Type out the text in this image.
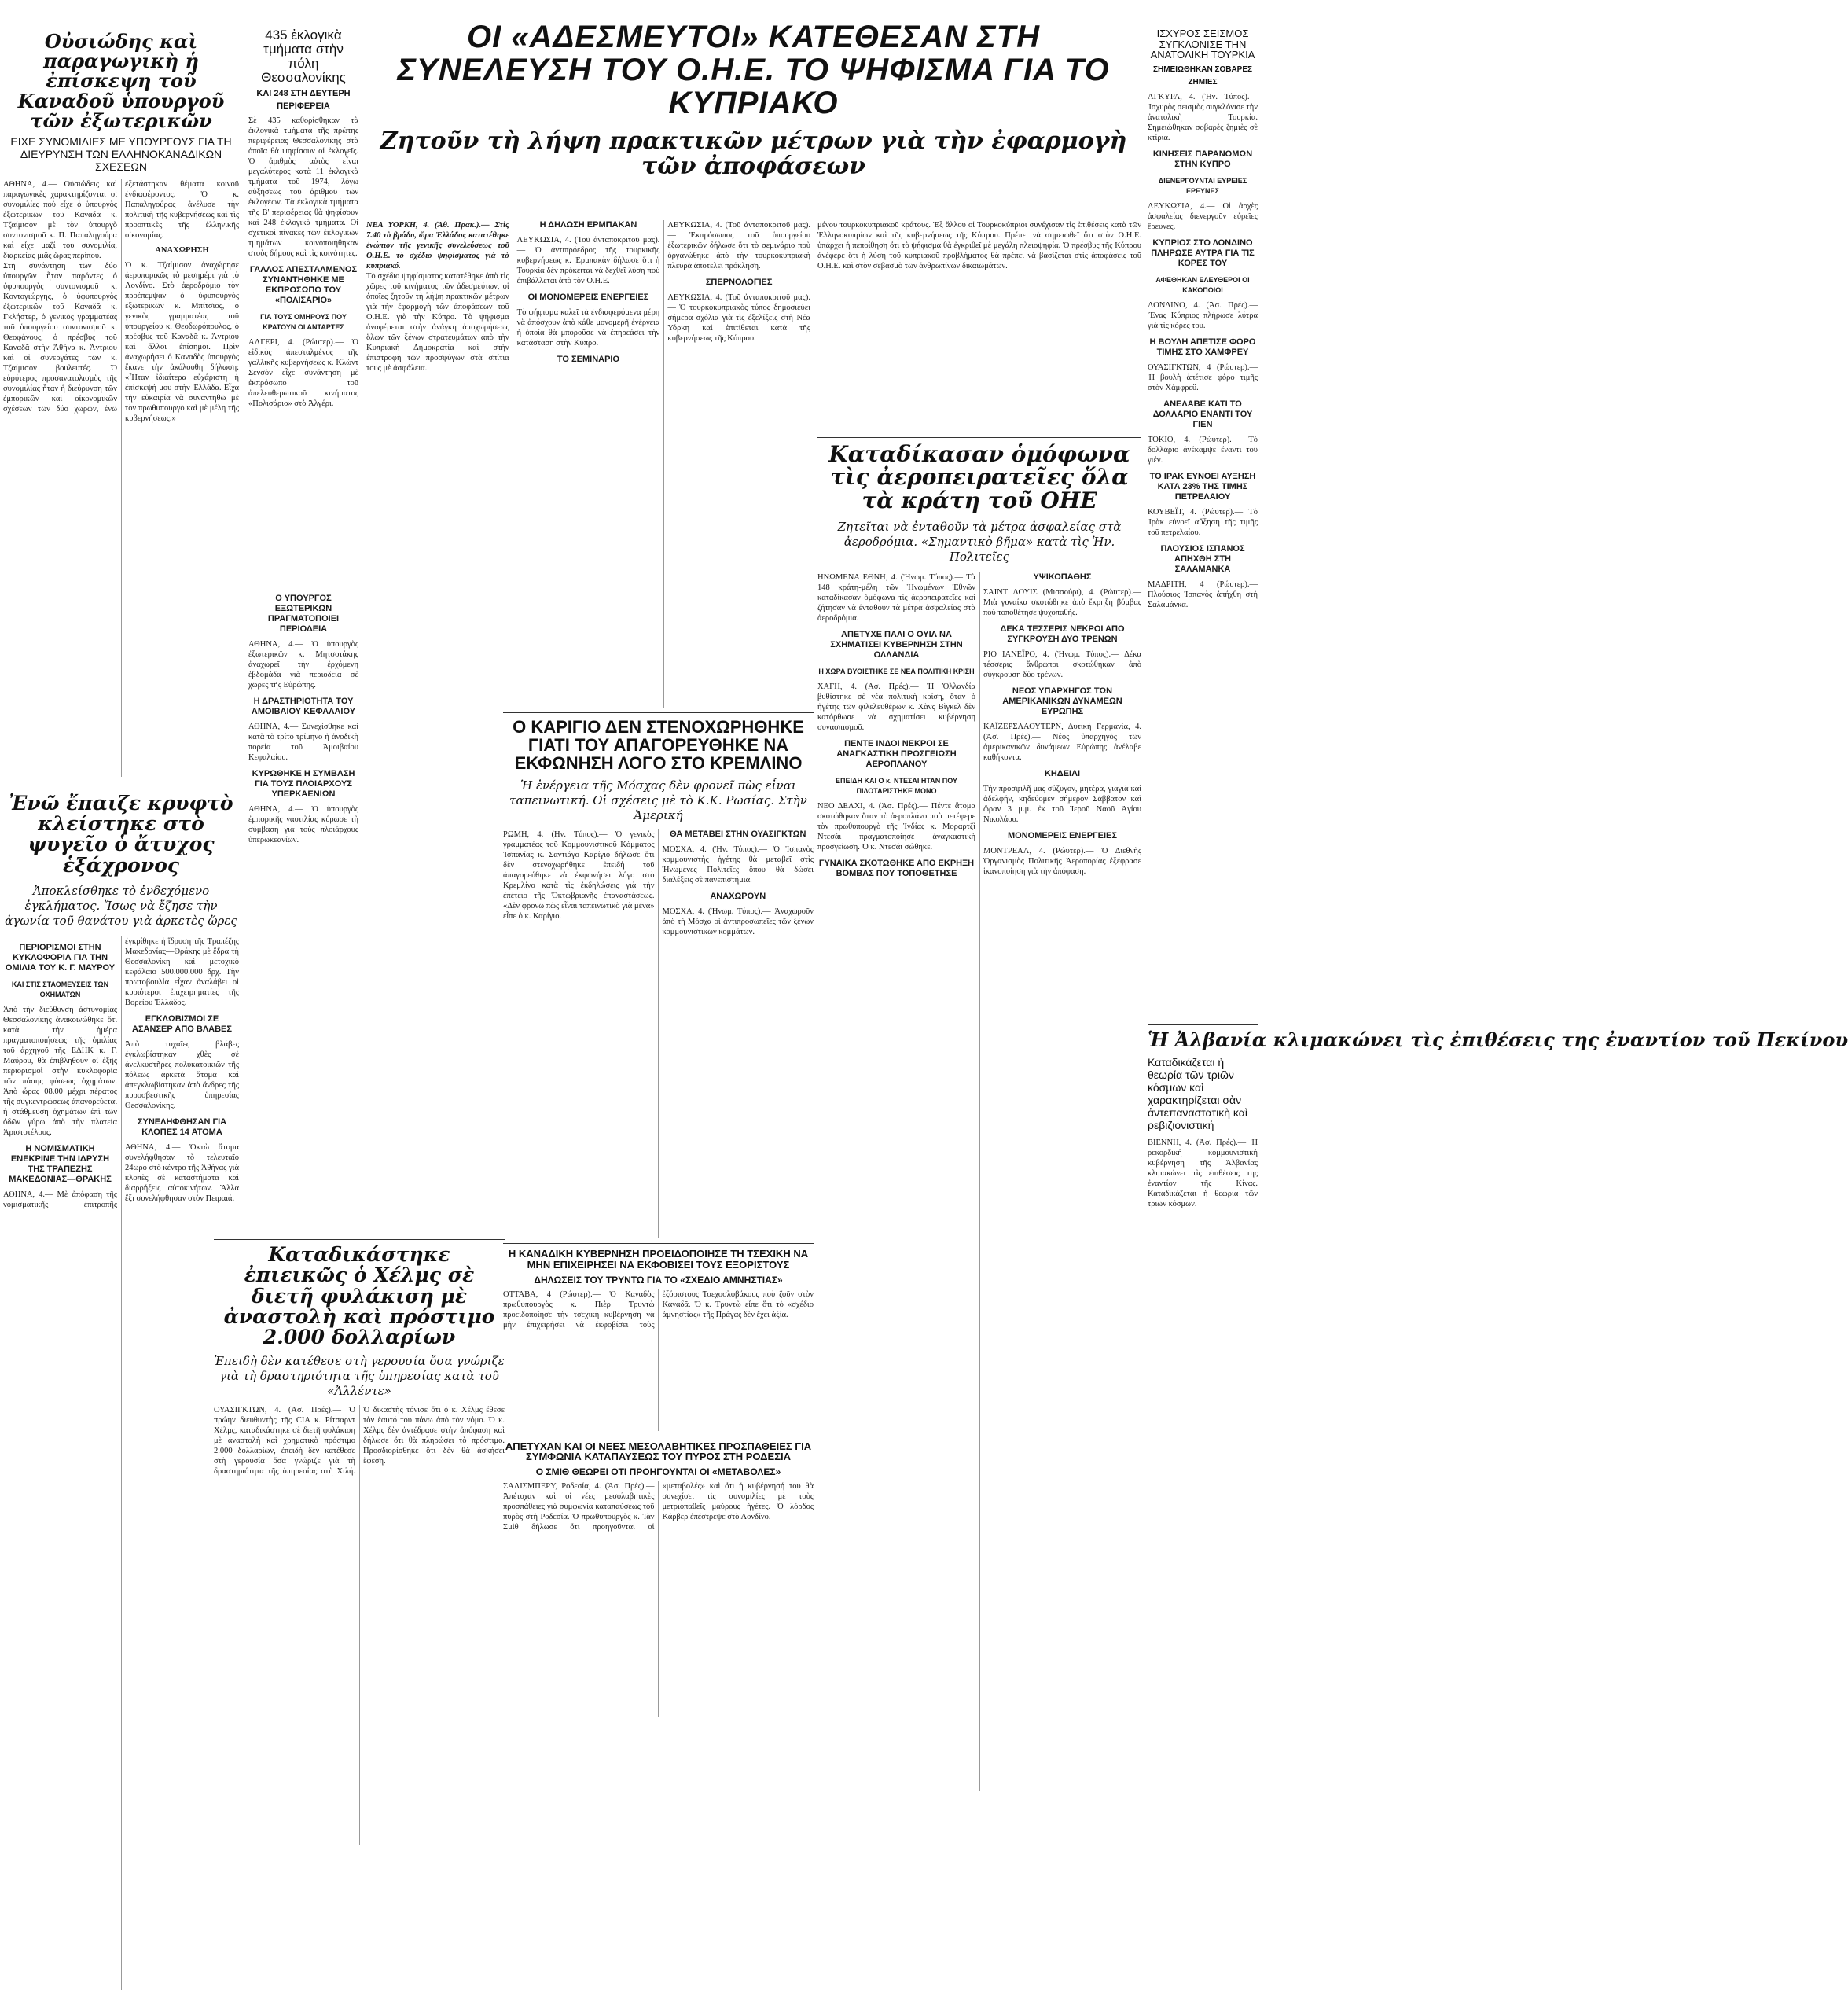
Οὐσιώδης καὶ παραγωγικὴ ἡ ἐπίσκεψη τοῦ Καναδοῦ ὑπουργοῦ τῶν ἐξωτερικῶν
ΕΙΧΕ ΣΥΝΟΜΙΛΙΕΣ ΜΕ ΥΠΟΥΡΓΟΥΣ ΓΙΑ ΤΗ ΔΙΕΥΡΥΝΣΗ ΤΩΝ ΕΛΛΗΝΟΚΑΝΑΔΙΚΩΝ ΣΧΕΣΕΩΝ
ΑΘΗΝΑ, 4.— Οὐσιώδεις καὶ παραγωγικὲς χαρακτηρίζονται οἱ συνομιλίες ποὺ εἶχε ὁ ὑπουργὸς ἐξωτερικῶν τοῦ Καναδᾶ κ. Τζαίμισον μὲ τὸν ὑπουργὸ συντονισμοῦ κ. Π. Παπαληγούρα καὶ εἶχε μαζί του συνομιλία, διαρκείας μιᾶς ὥρας περίπου.
Στὴ συνάντηση τῶν δύο ὑπουργῶν ἦταν παρόντες ὁ ὑφυπουργὸς συντονισμοῦ κ. Κοντογιώργης, ὁ ὑφυπουργὸς ἐξωτερικῶν τοῦ Καναδᾶ κ. Γκλήστερ, ὁ γενικὸς γραμματέας τοῦ ὑπουργείου συντονισμοῦ κ. Θεοφάνους, ὁ πρέσβυς τοῦ Καναδᾶ στὴν Ἀθήνα κ. Ἀντριου καὶ οἱ συνεργάτες τῶν κ. Τζαίμισον βουλευτές. Ὁ εὐρύτερος προσανατολισμὸς τῆς συνομιλίας ἦταν ἡ διεύρυνση τῶν ἐμπορικῶν καὶ οἰκονομικῶν σχέσεων τῶν δύο χωρῶν, ἐνῶ ἐξετάστηκαν θέματα κοινοῦ ἐνδιαφέροντος. Ὁ κ. Παπαληγούρας ἀνέλυσε τὴν πολιτικὴ τῆς κυβερνήσεως καὶ τὶς προοπτικὲς τῆς ἑλληνικῆς οἰκονομίας.
ΑΝΑΧΩΡΗΣΗ
Ὁ κ. Τζαίμισον ἀναχώρησε ἀεροπορικῶς τὸ μεσημέρι γιὰ τὸ Λονδίνο. Στὸ ἀεροδρόμιο τὸν προέπεμψαν ὁ ὑφυπουργὸς ἐξωτερικῶν κ. Μπίτσιος, ὁ γενικὸς γραμματέας τοῦ ὑπουργείου κ. Θεοδωρόπουλος, ὁ πρέσβυς τοῦ Καναδᾶ κ. Ἀντριου καὶ ἄλλοι ἐπίσημοι. Πρὶν ἀναχωρήσει ὁ Καναδὸς ὑπουργὸς ἔκανε τὴν ἀκόλουθη δήλωση: «Ἦταν ἰδιαίτερα εὐχάριστη ἡ ἐπίσκεψή μου στὴν Ἑλλάδα. Εἶχα τὴν εὐκαιρία νὰ συναντηθῶ μὲ τὸν πρωθυπουργὸ καὶ μὲ μέλη τῆς κυβερνήσεως.»
Ἐνῶ ἔπαιζε κρυφτὸ κλείστηκε στὸ ψυγεῖο ὁ ἄτυχος ἑξάχρονος
Ἀποκλείσθηκε τὸ ἐνδεχόμενο ἐγκλήματος. Ἴσως νὰ ἔζησε τὴν ἀγωνία τοῦ θανάτου γιὰ ἀρκετὲς ὥρες
ΠΕΡΙΟΡΙΣΜΟΙ ΣΤΗΝ ΚΥΚΛΟΦΟΡΙΑ ΓΙΑ ΤΗΝ ΟΜΙΛΙΑ ΤΟΥ Κ. Γ. ΜΑΥΡΟΥ
ΚΑΙ ΣΤΙΣ ΣΤΑΘΜΕΥΣΕΙΣ ΤΩΝ ΟΧΗΜΑΤΩΝ
Ἀπὸ τὴν διεύθυνση ἀστυνομίας Θεσσαλονίκης ἀνακοινώθηκε ὅτι κατὰ τὴν ἡμέρα πραγματοποιήσεως τῆς ὁμιλίας τοῦ ἀρχηγοῦ τῆς ΕΔΗΚ κ. Γ. Μαύρου, θὰ ἐπιβληθοῦν οἱ ἑξῆς περιορισμοὶ στὴν κυκλοφορία τῶν πάσης φύσεως ὀχημάτων. Ἀπὸ ὥρας 08.00 μέχρι πέρατος τῆς συγκεντρώσεως ἀπαγορεύεται ἡ στάθμευση ὀχημάτων ἐπὶ τῶν ὁδῶν γύρω ἀπὸ τὴν πλατεία Ἀριστοτέλους.
Η ΝΟΜΙΣΜΑΤΙΚΗ ΕΝΕΚΡΙΝΕ ΤΗΝ ΙΔΡΥΣΗ ΤΗΣ ΤΡΑΠΕΖΗΣ ΜΑΚΕΔΟΝΙΑΣ—ΘΡΑΚΗΣ
ΑΘΗΝΑ, 4.— Μὲ ἀπόφαση τῆς νομισματικῆς ἐπιτροπῆς ἐγκρίθηκε ἡ ἵδρυση τῆς Τραπέζης Μακεδονίας—Θράκης μὲ ἕδρα τὴ Θεσσαλονίκη καὶ μετοχικὸ κεφάλαιο 500.000.000 δρχ. Τὴν πρωτοβουλία εἶχαν ἀναλάβει οἱ κυριότεροι ἐπιχειρηματίες τῆς Βορείου Ἑλλάδος.
ΕΓΚΛΩΒΙΣΜΟΙ ΣΕ ΑΣΑΝΣΕΡ ΑΠΟ ΒΛΑΒΕΣ
Ἀπὸ τυχαῖες βλάβες ἐγκλωβίστηκαν χθὲς σὲ ἀνελκυστῆρες πολυκατοικιῶν τῆς πόλεως ἀρκετὰ ἄτομα καὶ ἀπεγκλωβίστηκαν ἀπὸ ἄνδρες τῆς πυροσβεστικῆς ὑπηρεσίας Θεσσαλονίκης.
ΣΥΝΕΛΗΦΘΗΣΑΝ ΓΙΑ ΚΛΟΠΕΣ 14 ΑΤΟΜΑ
ΑΘΗΝΑ, 4.— Ὀκτὼ ἄτομα συνελήφθησαν τὸ τελευταῖο 24ωρο στὸ κέντρο τῆς Ἀθήνας γιὰ κλοπὲς σὲ καταστήματα καὶ διαρρήξεις αὐτοκινήτων. Ἄλλα ἕξι συνελήφθησαν στὸν Πειραιά.
435 ἐκλογικὰ τμήματα στὴν πόλη Θεσσαλονίκης
ΚΑΙ 248 ΣΤΗ ΔΕΥΤΕΡΗ ΠΕΡΙΦΕΡΕΙΑ
Σὲ 435 καθορίσθηκαν τὰ ἐκλογικὰ τμήματα τῆς πρώτης περιφέρειας Θεσσαλονίκης στὰ ὁποῖα θὰ ψηφίσουν οἱ ἐκλογεῖς. Ὁ ἀριθμὸς αὐτὸς εἶναι μεγαλύτερος κατὰ 11 ἐκλογικὰ τμήματα τοῦ 1974, λόγω αὐξήσεως τοῦ ἀριθμοῦ τῶν ἐκλογέων. Τὰ ἐκλογικὰ τμήματα τῆς Β' περιφέρειας θὰ ψηφίσουν καὶ 248 ἐκλογικὰ τμήματα. Οἱ σχετικοὶ πίνακες τῶν ἐκλογικῶν τμημάτων κοινοποιήθηκαν στοὺς δήμους καὶ τὶς κοινότητες.
ΓΑΛΛΟΣ ΑΠΕΣΤΑΛΜΕΝΟΣ ΣΥΝΑΝΤΗΘΗΚΕ ΜΕ ΕΚΠΡΟΣΩΠΟ ΤΟΥ «ΠΟΛΙΣΑΡΙΟ»
ΓΙΑ ΤΟΥΣ ΟΜΗΡΟΥΣ ΠΟΥ ΚΡΑΤΟΥΝ ΟΙ ΑΝΤΑΡΤΕΣ
ΑΛΓΕΡΙ, 4. (Ρώυτερ).— Ὁ εἰδικὸς ἀπεσταλμένος τῆς γαλλικῆς κυβερνήσεως κ. Κλὼντ Σενσὸν εἶχε συνάντηση μὲ ἐκπρόσωπο τοῦ ἀπελευθερωτικοῦ κινήματος «Πολισάριο» στὸ Ἀλγέρι.
Ο ΥΠΟΥΡΓΟΣ ΕΞΩΤΕΡΙΚΩΝ ΠΡΑΓΜΑΤΟΠΟΙΕΙ ΠΕΡΙΟΔΕΙΑ
ΑΘΗΝΑ, 4.— Ὁ ὑπουργὸς ἐξωτερικῶν κ. Μητσοτάκης ἀναχωρεῖ τὴν ἐρχόμενη ἑβδομάδα γιὰ περιοδεία σὲ χῶρες τῆς Εὐρώπης.
Η ΔΡΑΣΤΗΡΙΟΤΗΤΑ ΤΟΥ ΑΜΟΙΒΑΙΟΥ ΚΕΦΑΛΑΙΟΥ
ΑΘΗΝΑ, 4.— Συνεχίσθηκε καὶ κατὰ τὸ τρίτο τρίμηνο ἡ ἀνοδικὴ πορεία τοῦ Ἀμοιβαίου Κεφαλαίου.
ΚΥΡΩΘΗΚΕ Η ΣΥΜΒΑΣΗ ΓΙΑ ΤΟΥΣ ΠΛΟΙΑΡΧΟΥΣ ΥΠΕΡΚΑΕΝΙΩΝ
ΑΘΗΝΑ, 4.— Ὁ ὑπουργὸς ἐμπορικῆς ναυτιλίας κύρωσε τὴ σύμβαση γιὰ τοὺς πλοιάρχους ὑπερωκεανίων.
Καταδικάστηκε ἐπιεικῶς ὁ Χέλμς σὲ διετῆ φυλάκιση μὲ ἀναστολὴ καὶ πρόστιμο 2.000 δολλαρίων
Ἐπειδὴ δὲν κατέθεσε στὴ γερουσία ὅσα γνώριζε γιὰ τὴ δραστηριότητα τῆς ὑπηρεσίας κατὰ τοῦ «Ἀλλέντε»
ΟΥΑΣΙΓΚΤΩΝ, 4. (Ἀσ. Πρές).— Ὁ πρώην διευθυντὴς τῆς CIA κ. Ρίτσαρντ Χέλμς, καταδικάστηκε σὲ διετῆ φυλάκιση μὲ ἀναστολὴ καὶ χρηματικὸ πρόστιμο 2.000 δολλαρίων, ἐπειδὴ δὲν κατέθεσε στὴ γερουσία ὅσα γνώριζε γιὰ τὴ δραστηριότητα τῆς ὑπηρεσίας στὴ Χιλή. Ὁ δικαστὴς τόνισε ὅτι ὁ κ. Χέλμς ἔθεσε τὸν ἑαυτό του πάνω ἀπὸ τὸν νόμο. Ὁ κ. Χέλμς δὲν ἀντέδρασε στὴν ἀπόφαση καὶ δήλωσε ὅτι θὰ πληρώσει τὸ πρόστιμο. Προσδιορίσθηκε ὅτι δὲν θὰ ἀσκήσει ἔφεση.
ΟΙ «ΑΔΕΣΜΕΥΤΟΙ» ΚΑΤΕΘΕΣΑΝ ΣΤΗ ΣΥΝΕΛΕΥΣΗ ΤΟΥ Ο.Η.Ε. ΤΟ ΨΗΦΙΣΜΑ ΓΙΑ ΤΟ ΚΥΠΡΙΑΚΟ
Ζητοῦν τὴ λήψη πρακτικῶν μέτρων γιὰ τὴν ἐφαρμογὴ τῶν ἀποφάσεων
ΝΕΑ ΥΟΡΚΗ, 4. (Ἀθ. Πρακ.).— Στὶς 7.40 τὸ βράδυ, ὥρα Ἑλλάδος κατατέθηκε ἐνώπιον τῆς γενικῆς συνελεύσεως τοῦ Ο.Η.Ε. τὸ σχέδιο ψηφίσματος γιὰ τὸ κυπριακό.
Τὸ σχέδιο ψηφίσματος κατατέθηκε ἀπὸ τὶς χῶρες τοῦ κινήματος τῶν ἀδεσμεύτων, οἱ ὁποῖες ζητοῦν τὴ λήψη πρακτικῶν μέτρων γιὰ τὴν ἐφαρμογὴ τῶν ἀποφάσεων τοῦ Ο.Η.Ε. γιὰ τὴν Κύπρο. Τὸ ψήφισμα ἀναφέρεται στὴν ἀνάγκη ἀποχωρήσεως ὅλων τῶν ξένων στρατευμάτων ἀπὸ τὴν Κυπριακὴ Δημοκρατία καὶ στὴν ἐπιστροφὴ τῶν προσφύγων στὰ σπίτια τους μὲ ἀσφάλεια.
Η ΔΗΛΩΣΗ ΕΡΜΠΑΚΑΝ
ΛΕΥΚΩΣΙΑ, 4. (Τοῦ ἀνταποκριτοῦ μας).— Ὁ ἀντιπρόεδρος τῆς τουρκικῆς κυβερνήσεως κ. Ἐρμπακὰν δήλωσε ὅτι ἡ Τουρκία δὲν πρόκειται νὰ δεχθεῖ λύση ποὺ ἐπιβάλλεται ἀπὸ τὸν Ο.Η.Ε.
ΟΙ ΜΟΝΟΜΕΡΕΙΣ ΕΝΕΡΓΕΙΕΣ
Τὸ ψήφισμα καλεῖ τὰ ἐνδιαφερόμενα μέρη νὰ ἀπόσχουν ἀπὸ κάθε μονομερῆ ἐνέργεια ἡ ὁποία θὰ μποροῦσε νὰ ἐπηρεάσει τὴν κατάσταση στὴν Κύπρο.
ΤΟ ΣΕΜΙΝΑΡΙΟ
ΛΕΥΚΩΣΙΑ, 4. (Τοῦ ἀνταποκριτοῦ μας).— Ἐκπρόσωπος τοῦ ὑπουργείου ἐξωτερικῶν δήλωσε ὅτι τὸ σεμινάριο ποὺ ὀργανώθηκε ἀπὸ τὴν τουρκοκυπριακὴ πλευρὰ ἀποτελεῖ πρόκληση.
ΣΠΕΡΝΟΛΟΓΙΕΣ
ΛΕΥΚΩΣΙΑ, 4. (Τοῦ ἀνταποκριτοῦ μας).— Ὁ τουρκοκυπριακὸς τύπος δημοσιεύει σήμερα σχόλια γιὰ τὶς ἐξελίξεις στὴ Νέα Υόρκη καὶ ἐπιτίθεται κατὰ τῆς κυβερνήσεως τῆς Κύπρου.
Ο ΚΑΡΙΓΙΟ ΔΕΝ ΣΤΕΝΟΧΩΡΗΘΗΚΕ ΓΙΑΤΙ ΤΟΥ ΑΠΑΓΟΡΕΥΘΗΚΕ ΝΑ ΕΚΦΩΝΗΣΗ ΛΟΓΟ ΣΤΟ ΚΡΕΜΛΙΝΟ
Ἡ ἐνέργεια τῆς Μόσχας δὲν φρονεῖ πὼς εἶναι ταπεινωτική. Οἱ σχέσεις μὲ τὸ Κ.Κ. Ρωσίας. Στὴν Ἀμερική
ΡΩΜΗ, 4. (Ην. Τύπος).— Ὁ γενικὸς γραμματέας τοῦ Κομμουνιστικοῦ Κόμματος Ἱσπανίας κ. Σαντιάγο Καρίγιο δήλωσε ὅτι δὲν στενοχωρήθηκε ἐπειδὴ τοῦ ἀπαγορεύθηκε νὰ ἐκφωνήσει λόγο στὸ Κρεμλίνο κατὰ τὶς ἐκδηλώσεις γιὰ τὴν ἐπέτειο τῆς Ὀκτωβριανῆς ἐπαναστάσεως. «Δὲν φρονῶ πὼς εἶναι ταπεινωτικὸ γιὰ μένα» εἶπε ὁ κ. Καρίγιο.
ΘΑ ΜΕΤΑΒΕΙ ΣΤΗΝ ΟΥΑΣΙΓΚΤΩΝ
ΜΟΣΧΑ, 4. (Ἡν. Τύπος).— Ὁ Ἰσπανὸς κομμουνιστὴς ἡγέτης θὰ μεταβεῖ στὶς Ἡνωμένες Πολιτεῖες ὅπου θὰ δώσει διαλέξεις σὲ πανεπιστήμια.
ΑΝΑΧΩΡΟΥΝ
ΜΟΣΧΑ, 4. (Ἡνωμ. Τύπος).— Ἀναχωροῦν ἀπὸ τὴ Μόσχα οἱ ἀντιπροσωπεῖες τῶν ξένων κομμουνιστικῶν κομμάτων.
Η ΚΑΝΑΔΙΚΗ ΚΥΒΕΡΝΗΣΗ ΠΡΟΕΙΔΟΠΟΙΗΣΕ ΤΗ ΤΣΕΧΙΚΗ ΝΑ ΜΗΝ ΕΠΙΧΕΙΡΗΣΕΙ ΝΑ ΕΚΦΟΒΙΣΕΙ ΤΟΥΣ ΕΞΟΡΙΣΤΟΥΣ
ΔΗΛΩΣΕΙΣ ΤΟΥ ΤΡΥΝΤΩ ΓΙΑ ΤΟ «ΣΧΕΔΙΟ ΑΜΝΗΣΤΙΑΣ»
ΟΤΤΑΒΑ, 4 (Ρώυτερ).— Ὁ Καναδὸς πρωθυπουργὸς κ. Πιὲρ Τρυντὼ προειδοποίησε τὴν τσεχικὴ κυβέρνηση νὰ μὴν ἐπιχειρήσει νὰ ἐκφοβίσει τοὺς ἐξόριστους Τσεχοσλοβάκους ποὺ ζοῦν στὸν Καναδᾶ. Ὁ κ. Τρυντὼ εἶπε ὅτι τὸ «σχέδιο ἀμνηστίας» τῆς Πράγας δὲν ἔχει ἀξία.
ΑΠΕΤΥΧΑΝ ΚΑΙ ΟΙ ΝΕΕΣ ΜΕΣΟΛΑΒΗΤΙΚΕΣ ΠΡΟΣΠΑΘΕΙΕΣ ΓΙΑ ΣΥΜΦΩΝΙΑ ΚΑΤΑΠΑΥΣΕΩΣ ΤΟΥ ΠΥΡΟΣ ΣΤΗ ΡΟΔΕΣΙΑ
Ο ΣΜΙΘ ΘΕΩΡΕΙ ΟΤΙ ΠΡΟΗΓΟΥΝΤΑΙ ΟΙ «ΜΕΤΑΒΟΛΕΣ»
ΣΑΛΙΣΜΠΕΡΥ, Ροδεσία, 4. (Ἀσ. Πρές).— Ἀπέτυχαν καὶ οἱ νέες μεσολαβητικὲς προσπάθειες γιὰ συμφωνία καταπαύσεως τοῦ πυρὸς στὴ Ροδεσία. Ὁ πρωθυπουργὸς κ. Ἰὰν Σμὶθ δήλωσε ὅτι προηγοῦνται οἱ «μεταβολές» καὶ ὅτι ἡ κυβέρνησή του θὰ συνεχίσει τὶς συνομιλίες μὲ τοὺς μετριοπαθεῖς μαύρους ἡγέτες. Ὁ λόρδος Κάρβερ ἐπέστρεψε στὸ Λονδίνο.
μένου τουρκοκυπριακοῦ κράτους. Ἐξ ἄλλου οἱ Τουρκοκύπριοι συνέχισαν τὶς ἐπιθέσεις κατὰ τῶν Ἑλληνοκυπρίων καὶ τῆς κυβερνήσεως τῆς Κύπρου. Πρέπει νὰ σημειωθεῖ ὅτι στὸν Ο.Η.Ε. ὑπάρχει ἡ πεποίθηση ὅτι τὸ ψήφισμα θὰ ἐγκριθεῖ μὲ μεγάλη πλειοψηφία. Ὁ πρέσβυς τῆς Κύπρου ἀνέφερε ὅτι ἡ λύση τοῦ κυπριακοῦ προβλήματος θὰ πρέπει νὰ βασίζεται στὶς ἀποφάσεις τοῦ Ο.Η.Ε. καὶ στὸν σεβασμὸ τῶν ἀνθρωπίνων δικαιωμάτων.
Καταδίκασαν ὁμόφωνα τὶς ἀεροπειρατεῖες ὅλα τὰ κράτη τοῦ ΟΗΕ
Ζητεῖται νὰ ἐνταθοῦν τὰ μέτρα ἀσφαλείας στὰ ἀεροδρόμια. «Σημαντικὸ βῆμα» κατὰ τὶς Ἡν. Πολιτεῖες
ΗΝΩΜΕΝΑ ΕΘΝΗ, 4. (Ἡνωμ. Τύπος).— Τὰ 148 κράτη-μέλη τῶν Ἡνωμένων Ἐθνῶν καταδίκασαν ὁμόφωνα τὶς ἀεροπειρατεῖες καὶ ζήτησαν νὰ ἐνταθοῦν τὰ μέτρα ἀσφαλείας στὰ ἀεροδρόμια.
ΑΠΕΤΥΧΕ ΠΑΛΙ Ο ΟΥΙΛ ΝΑ ΣΧΗΜΑΤΙΣΕΙ ΚΥΒΕΡΝΗΣΗ ΣΤΗΝ ΟΛΛΑΝΔΙΑ
Η ΧΩΡΑ ΒΥΘΙΣΤΗΚΕ ΣΕ ΝΕΑ ΠΟΛΙΤΙΚΗ ΚΡΙΣΗ
ΧΑΓΗ, 4. (Ἀσ. Πρές).— Ἡ Ὁλλανδία βυθίστηκε σὲ νέα πολιτικὴ κρίση, ὅταν ὁ ἡγέτης τῶν φιλελευθέρων κ. Χὰνς Βὶγκελ δὲν κατόρθωσε νὰ σχηματίσει κυβέρνηση συνασπισμοῦ.
ΠΕΝΤΕ ΙΝΔΟΙ ΝΕΚΡΟΙ ΣΕ ΑΝΑΓΚΑΣΤΙΚΗ ΠΡΟΣΓΕΙΩΣΗ ΑΕΡΟΠΛΑΝΟΥ
ΕΠΕΙΔΗ ΚΑΙ Ο κ. ΝΤΕΣΑΙ ΗΤΑΝ ΠΟΥ ΠΙΛΟΤΑΡΙΣΤΗΚΕ ΜΟΝΟ
ΝΕΟ ΔΕΛΧΙ, 4. (Ἀσ. Πρές).— Πέντε ἄτομα σκοτώθηκαν ὅταν τὸ ἀεροπλάνο ποὺ μετέφερε τὸν πρωθυπουργὸ τῆς Ἰνδίας κ. Μοραρτζὶ Ντεσάι πραγματοποίησε ἀναγκαστικὴ προσγείωση. Ὁ κ. Ντεσάι σώθηκε.
ΓΥΝΑΙΚΑ ΣΚΟΤΩΘΗΚΕ ΑΠΟ ΕΚΡΗΞΗ ΒΟΜΒΑΣ ΠΟΥ ΤΟΠΟΘΕΤΗΣΕ ΥΨΙΚΟΠΑΘΗΣ
ΣΑΙΝΤ ΛΟΥΙΣ (Μισσούρι), 4. (Ρώυτερ).— Μιὰ γυναίκα σκοτώθηκε ἀπὸ ἔκρηξη βόμβας ποὺ τοποθέτησε ψυχοπαθής.
ΔΕΚΑ ΤΕΣΣΕΡΙΣ ΝΕΚΡΟΙ ΑΠΟ ΣΥΓΚΡΟΥΣΗ ΔΥΟ ΤΡΕΝΩΝ
ΡΙΟ ΙΑΝΕΪΡΟ, 4. (Ἡνωμ. Τύπος).— Δέκα τέσσερις ἄνθρωποι σκοτώθηκαν ἀπὸ σύγκρουση δύο τρένων.
ΝΕΟΣ ΥΠΑΡΧΗΓΟΣ ΤΩΝ ΑΜΕΡΙΚΑΝΙΚΩΝ ΔΥΝΑΜΕΩΝ ΕΥΡΩΠΗΣ
ΚΑΪΖΕΡΣΛΑΟΥΤΕΡΝ, Δυτικὴ Γερμανία, 4. (Ἀσ. Πρές).— Νέος ὑπαρχηγὸς τῶν ἀμερικανικῶν δυνάμεων Εὐρώπης ἀνέλαβε καθήκοντα.
ΚΗΔΕΙΑΙ
Τὴν προσφιλῆ μας σύζυγον, μητέρα, γιαγιὰ καὶ ἀδελφήν, κηδεύομεν σήμερον Σάββατον καὶ ὥραν 3 μ.μ. ἐκ τοῦ Ἱεροῦ Ναοῦ Ἁγίου Νικολάου.
ΜΟΝΟΜΕΡΕΙΣ ΕΝΕΡΓΕΙΕΣ
ΜΟΝΤΡΕΑΛ, 4. (Ρώυτερ).— Ὁ Διεθνὴς Ὀργανισμὸς Πολιτικῆς Ἀεροπορίας ἐξέφρασε ἱκανοποίηση γιὰ τὴν ἀπόφαση.
ΙΣΧΥΡΟΣ ΣΕΙΣΜΟΣ ΣΥΓΚΛΟΝΙΣΕ ΤΗΝ ΑΝΑΤΟΛΙΚΗ ΤΟΥΡΚΙΑ
ΣΗΜΕΙΩΘΗΚΑΝ ΣΟΒΑΡΕΣ ΖΗΜΙΕΣ
ΑΓΚΥΡΑ, 4. (Ἡν. Τύπος).— Ἰσχυρὸς σεισμὸς συγκλόνισε τὴν ἀνατολικὴ Τουρκία. Σημειώθηκαν σοβαρὲς ζημιὲς σὲ κτίρια.
ΚΙΝΗΣΕΙΣ ΠΑΡΑΝΟΜΩΝ ΣΤΗΝ ΚΥΠΡΟ
ΔΙΕΝΕΡΓΟΥΝΤΑΙ ΕΥΡΕΙΕΣ ΕΡΕΥΝΕΣ
ΛΕΥΚΩΣΙΑ, 4.— Οἱ ἀρχὲς ἀσφαλείας διενεργοῦν εὐρεῖες ἔρευνες.
ΚΥΠΡΙΟΣ ΣΤΟ ΛΟΝΔΙΝΟ ΠΛΗΡΩΣΕ ΑΥΤΡΑ ΓΙΑ ΤΙΣ ΚΟΡΕΣ ΤΟΥ
ΑΦΕΘΗΚΑΝ ΕΛΕΥΘΕΡΟΙ ΟΙ ΚΑΚΟΠΟΙΟΙ
ΛΟΝΔΙΝΟ, 4. (Ἀσ. Πρές).— Ἕνας Κύπριος πλήρωσε λύτρα γιὰ τὶς κόρες του.
Η ΒΟΥΛΗ ΑΠΕΤΙΣΕ ΦΟΡΟ ΤΙΜΗΣ ΣΤΟ ΧΑΜΦΡΕΥ
ΟΥΑΣΙΓΚΤΩΝ, 4 (Ρώυτερ).— Ἡ βουλὴ ἀπέτισε φόρο τιμῆς στὸν Χάμφρεϋ.
ΑΝΕΛΑΒΕ ΚΑΤΙ ΤΟ ΔΟΛΛΑΡΙΟ ΕΝΑΝΤΙ ΤΟΥ ΓΙΕΝ
ΤΟΚΙΟ, 4. (Ρώυτερ).— Τὸ δολλάριο ἀνέκαμψε ἔναντι τοῦ γιέν.
ΤΟ ΙΡΑΚ ΕΥΝΟΕΙ ΑΥΞΗΣΗ ΚΑΤΑ 23% ΤΗΣ ΤΙΜΗΣ ΠΕΤΡΕΛΑΙΟΥ
ΚΟΥΒΕΪΤ, 4. (Ρώυτερ).— Τὸ Ἰρὰκ εὐνοεῖ αὔξηση τῆς τιμῆς τοῦ πετρελαίου.
ΠΛΟΥΣΙΟΣ ΙΣΠΑΝΟΣ ΑΠΗΧΘΗ ΣΤΗ ΣΑΛΑΜΑΝΚΑ
ΜΑΔΡΙΤΗ, 4 (Ρώυτερ).— Πλούσιος Ἱσπανὸς ἀπήχθη στὴ Σαλαμάνκα.
Ἡ Ἀλβανία κλιμακώνει τὶς ἐπιθέσεις της ἐναντίον τοῦ Πεκίνου
Καταδικάζεται ἡ θεωρία τῶν τριῶν κόσμων καὶ χαρακτηρίζεται σὰν ἀντεπαναστατικὴ καὶ ρεβιζιονιστική
ΒΙΕΝΝΗ, 4. (Ἀσ. Πρές).— Ἡ ρεκορδική κομμουνιστικὴ κυβέρνηση τῆς Ἀλβανίας κλιμακώνει τὶς ἐπιθέσεις της ἐναντίον τῆς Κίνας. Καταδικάζεται ἡ θεωρία τῶν τριῶν κόσμων.
